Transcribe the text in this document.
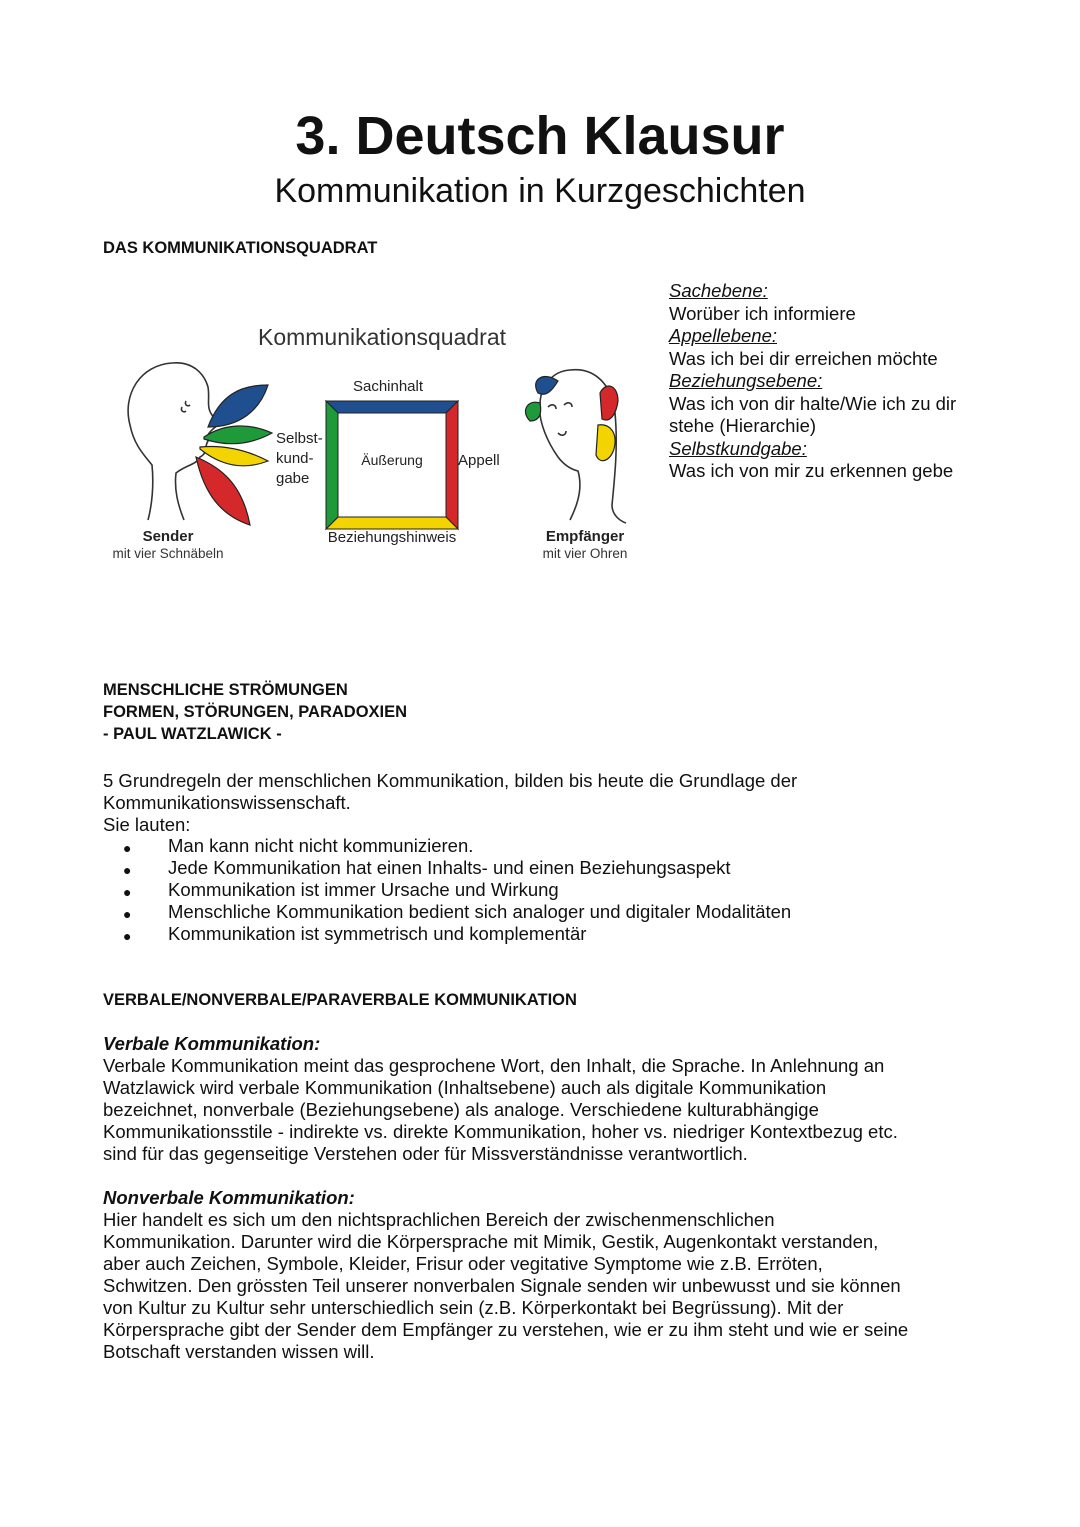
3. Deutsch Klausur
Kommunikation in Kurzgeschichten
DAS KOMMUNIKATIONSQUADRAT
Kommunikationsquadrat
Sender
mit vier Schnäbeln
Sachinhalt
Äußerung
Selbst-
kund-
gabe
Appell
Beziehungshinweis	Empfänger
mit vier Ohren
Sachebene:
Worüber ich informiere
Appellebene:
Was ich bei dir erreichen möchte
Beziehungsebene:
Was ich von dir halte/Wie ich zu dir stehe (Hierarchie)
Selbstkundgabe:
Was ich von mir zu erkennen gebe
MENSCHLICHE STRÖMUNGEN
FORMEN, STÖRUNGEN, PARADOXIEN
- PAUL WATZLAWICK -
5 Grundregeln der menschlichen Kommunikation, bilden bis heute die Grundlage der
Kommunikationswissenschaft.
Sie lauten:
● Man kann nicht nicht kommunizieren.
● Jede Kommunikation hat einen Inhalts- und einen Beziehungsaspekt
● Kommunikation ist immer Ursache und Wirkung
● Menschliche Kommunikation bedient sich analoger und digitaler Modalitäten
● Kommunikation ist symmetrisch und komplementär
VERBALE/NONVERBALE/PARAVERBALE KOMMUNIKATION
Verbale Kommunikation:
Verbale Kommunikation meint das gesprochene Wort, den Inhalt, die Sprache. In Anlehnung an
Watzlawick wird verbale Kommunikation (Inhaltsebene) auch als digitale Kommunikation
bezeichnet, nonverbale (Beziehungsebene) als analoge. Verschiedene kulturabhängige
Kommunikationsstile - indirekte vs. direkte Kommunikation, hoher vs. niedriger Kontextbezug etc.
sind für das gegenseitige Verstehen oder für Missverständnisse verantwortlich.
Nonverbale Kommunikation:
Hier handelt es sich um den nichtsprachlichen Bereich der zwischenmenschlichen
Kommunikation. Darunter wird die Körpersprache mit Mimik, Gestik, Augenkontakt verstanden,
aber auch Zeichen, Symbole, Kleider, Frisur oder vegitative Symptome wie z.B. Erröten,
Schwitzen. Den grössten Teil unserer nonverbalen Signale senden wir unbewusst und sie können
von Kultur zu Kultur sehr unterschiedlich sein (z.B. Körperkontakt bei Begrüssung). Mit der
Körpersprache gibt der Sender dem Empfänger zu verstehen, wie er zu ihm steht und wie er seine
Botschaft verstanden wissen will.
